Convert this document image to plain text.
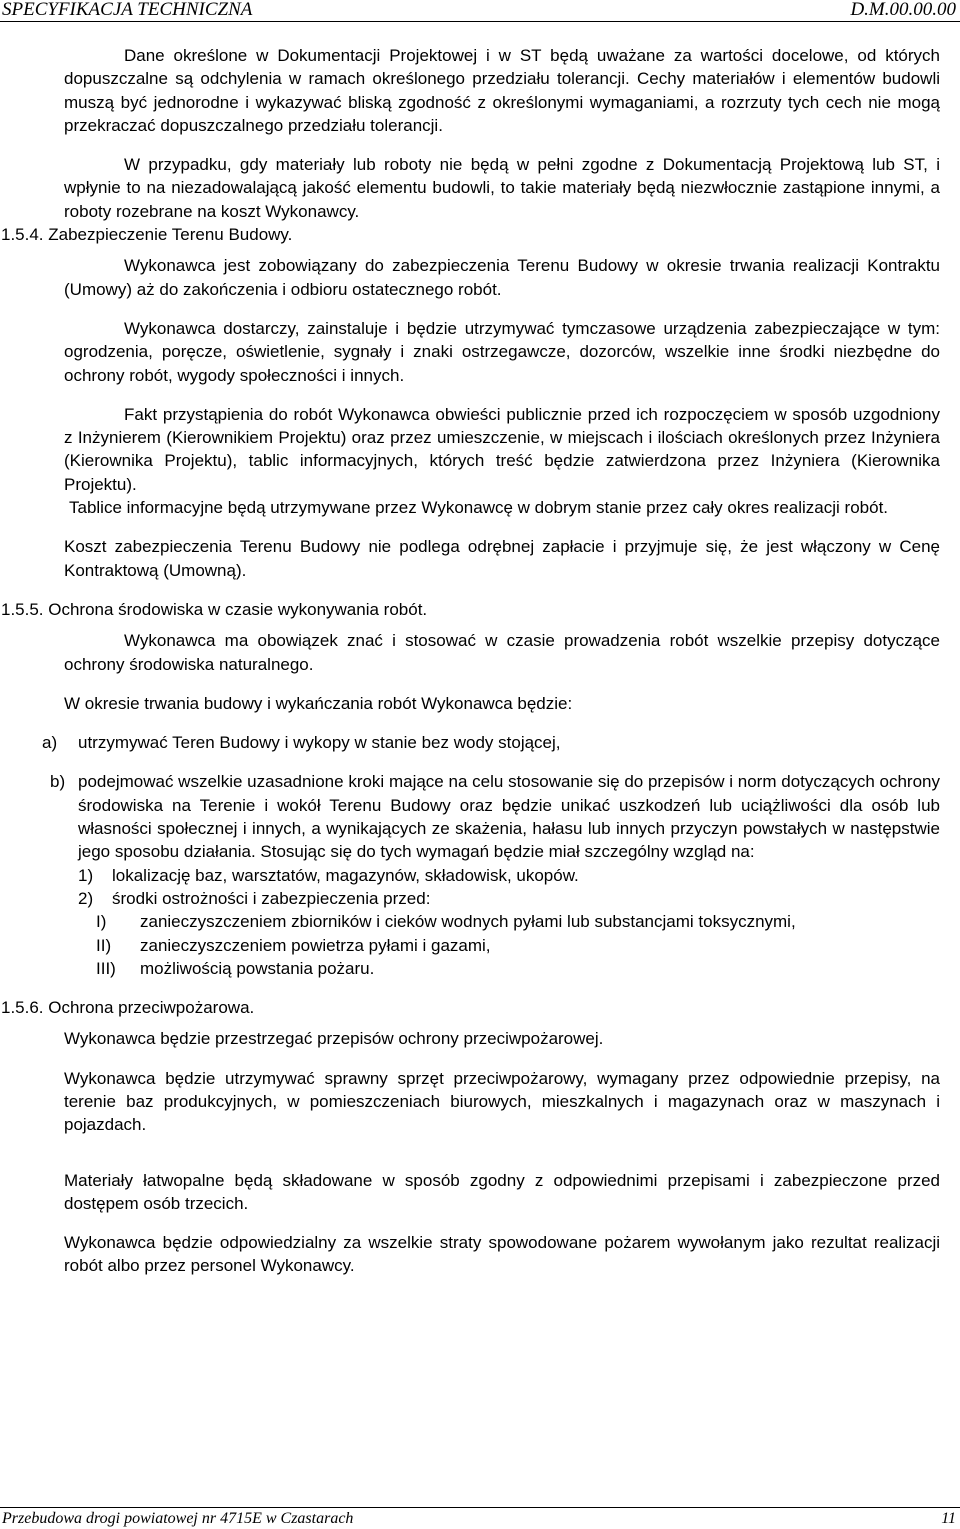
SPECYFIKACJA TECHNICZNA	D.M.00.00.00

Dane określone w Dokumentacji Projektowej i w ST będą uważane za wartości docelowe, od których dopuszczalne są odchylenia w ramach określonego przedziału tolerancji. Cechy materiałów i elementów budowli muszą być jednorodne i wykazywać bliską zgodność z określonymi wymaganiami, a rozrzuty tych cech nie mogą przekraczać dopuszczalnego przedziału tolerancji.

W przypadku, gdy materiały lub roboty nie będą w pełni zgodne z Dokumentacją Projektową lub ST, i wpłynie to na niezadowalającą jakość elementu budowli, to takie materiały będą niezwłocznie zastąpione innymi, a roboty rozebrane na koszt Wykonawcy.

1.5.4. Zabezpieczenie Terenu Budowy.

Wykonawca jest zobowiązany do zabezpieczenia Terenu Budowy w okresie trwania realizacji Kontraktu (Umowy) aż do zakończenia i odbioru ostatecznego robót.

Wykonawca dostarczy, zainstaluje i będzie utrzymywać tymczasowe urządzenia zabezpieczające w tym: ogrodzenia, poręcze, oświetlenie, sygnały i znaki ostrzegawcze, dozorców, wszelkie inne środki niezbędne do ochrony robót, wygody społeczności i innych.

Fakt przystąpienia do robót Wykonawca obwieści publicznie przed ich rozpoczęciem w sposób uzgodniony z Inżynierem (Kierownikiem Projektu) oraz przez umieszczenie, w miejscach i ilościach określonych przez Inżyniera (Kierownika Projektu), tablic informacyjnych, których treść będzie zatwierdzona przez Inżyniera (Kierownika Projektu).

Tablice informacyjne będą utrzymywane przez Wykonawcę w dobrym stanie przez cały okres realizacji robót.

Koszt zabezpieczenia Terenu Budowy nie podlega odrębnej zapłacie i przyjmuje się, że jest włączony w Cenę Kontraktową (Umowną).

1.5.5. Ochrona środowiska w czasie wykonywania robót.

Wykonawca ma obowiązek znać i stosować w czasie prowadzenia robót wszelkie przepisy dotyczące ochrony środowiska naturalnego.

W okresie trwania budowy i wykańczania robót Wykonawca będzie:

a)	utrzymywać Teren Budowy i wykopy w stanie bez wody stojącej,
b) podejmować wszelkie uzasadnione kroki mające na celu stosowanie się do przepisów i norm dotyczących ochrony środowiska na Terenie i wokół Terenu Budowy oraz będzie unikać uszkodzeń lub uciążliwości dla osób lub własności społecznej i innych, a wynikających ze skażenia, hałasu lub innych przyczyn powstałych w następstwie jego sposobu działania. Stosując się do tych wymagań będzie miał szczególny wzgląd na:
1)	lokalizację baz, warsztatów, magazynów, składowisk, ukopów.
2)	środki ostrożności i zabezpieczenia przed:
I)	zanieczyszczeniem zbiorników i cieków wodnych pyłami lub substancjami toksycznymi,
II)	zanieczyszczeniem powietrza pyłami i gazami,
III)	możliwością powstania pożaru.

1.5.6. Ochrona przeciwpożarowa.

Wykonawca będzie przestrzegać przepisów ochrony przeciwpożarowej.

Wykonawca będzie utrzymywać sprawny sprzęt przeciwpożarowy, wymagany przez odpowiednie przepisy, na terenie baz produkcyjnych, w pomieszczeniach biurowych, mieszkalnych i magazynach oraz w maszynach i pojazdach.

Materiały łatwopalne będą składowane w sposób zgodny z odpowiednimi przepisami i zabezpieczone przed dostępem osób trzecich.

Wykonawca będzie odpowiedzialny za wszelkie straty spowodowane pożarem wywołanym jako rezultat realizacji robót albo przez personel Wykonawcy.

Przebudowa drogi powiatowej nr 4715E w Czastarach	11
